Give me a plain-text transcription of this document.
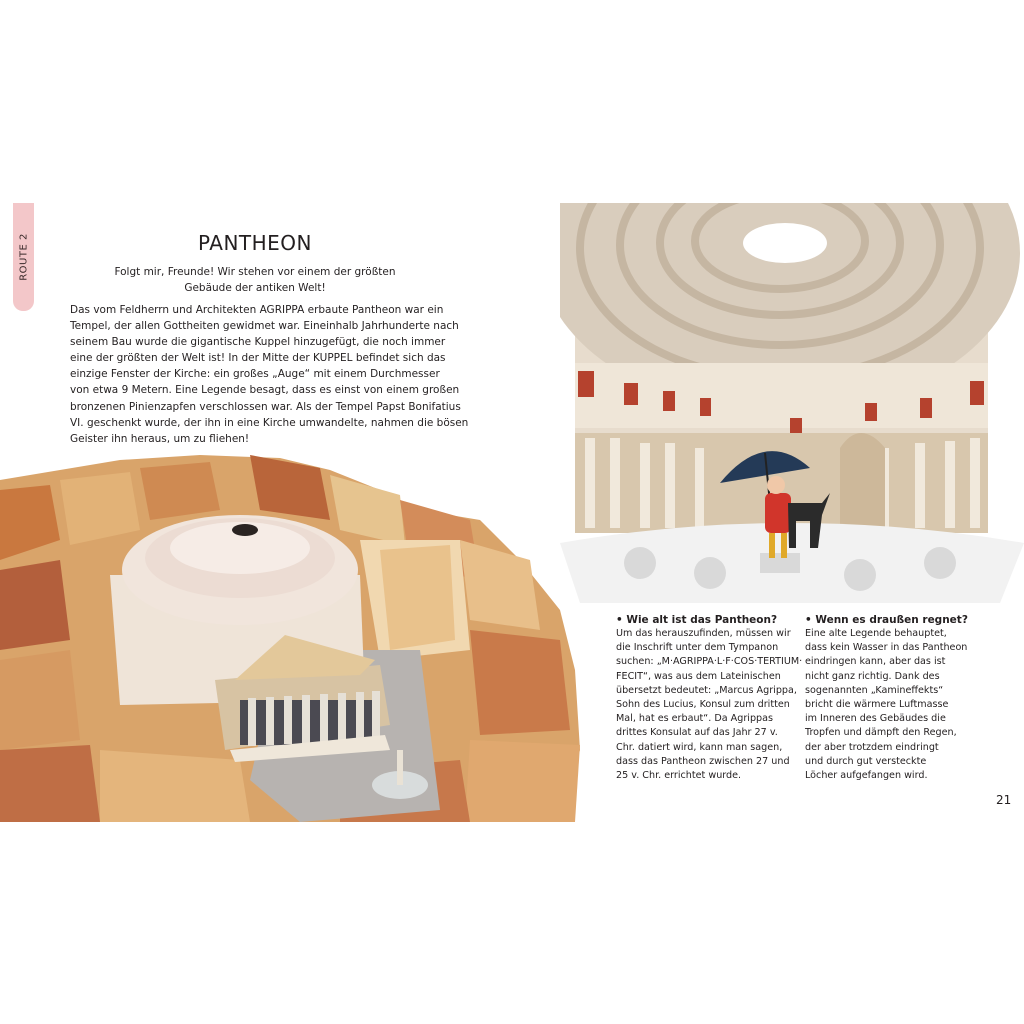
ROUTE 2	PANTHEON
Folgt mir, Freunde! Wir stehen vor einem der größten
Gebäude der antiken Welt!
Das vom Feldherrn und Architekten AGRIPPA erbaute Pantheon war ein
Tempel, der allen Gottheiten gewidmet war. Eineinhalb Jahrhunderte nach
seinem Bau wurde die gigantische Kuppel hinzugefügt, die noch immer
eine der größten der Welt ist! In der Mitte der KUPPEL befindet sich das
einzige Fenster der Kirche: ein großes „Auge“ mit einem Durchmesser
von etwa 9 Metern. Eine Legende besagt, dass es einst von einem großen
bronzenen Pinienzapfen verschlossen war. Als der Tempel Papst Bonifatius
VI. geschenkt wurde, der ihn in eine Kirche umwandelte, nahmen die bösen
Geister ihn heraus, um zu fliehen!
• Wie alt ist das Pantheon?
Um das herauszufinden, müssen wir
die Inschrift unter dem Tympanon
suchen: „M·AGRIPPA·L·F·COS·TERTIUM·
FECIT“, was aus dem Lateinischen
übersetzt bedeutet: „Marcus Agrippa,
Sohn des Lucius, Konsul zum dritten
Mal, hat es erbaut“. Da Agrippas
drittes Konsulat auf das Jahr 27 v.
Chr. datiert wird, kann man sagen,
dass das Pantheon zwischen 27 und
25 v. Chr. errichtet wurde.
• Wenn es draußen regnet?
Eine alte Legende behauptet,
dass kein Wasser in das Pantheon
eindringen kann, aber das ist
nicht ganz richtig. Dank des
sogenannten „Kamineffekts“
bricht die wärmere Luftmasse
im Inneren des Gebäudes die
Tropfen und dämpft den Regen,
der aber trotzdem eindringt
und durch gut versteckte
Löcher aufgefangen wird.
21
